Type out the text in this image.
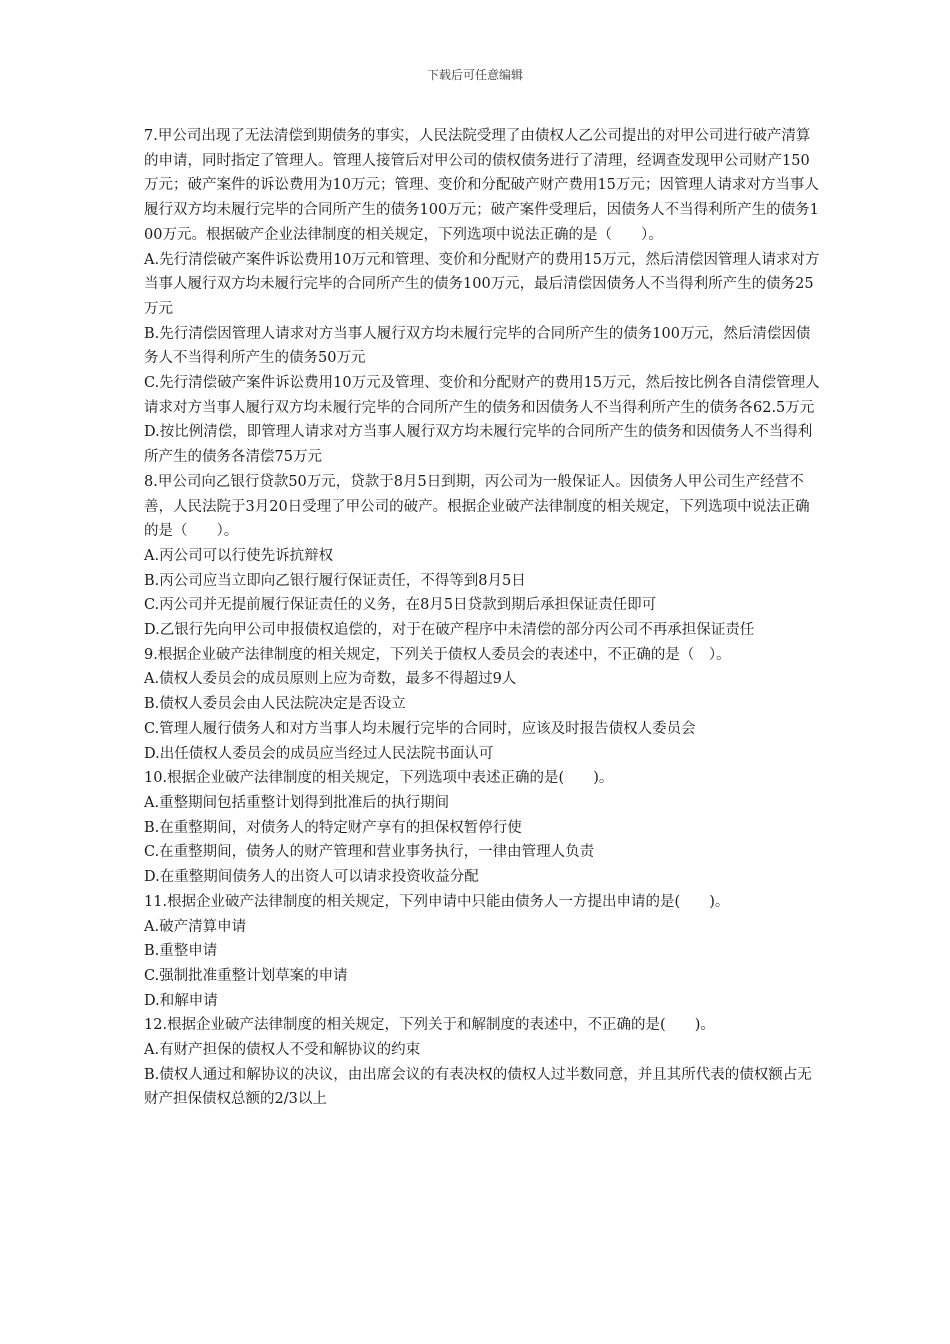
下载后可任意编辑

7.甲公司出现了无法清偿到期债务的事实，人民法院受理了由债权人乙公司提出的对甲公司进行破产清算的申请，同时指定了管理人。管理人接管后对甲公司的债权债务进行了清理，经调查发现甲公司财产150万元；破产案件的诉讼费用为10万元；管理、变价和分配破产财产费用15万元；因管理人请求对方当事人履行双方均未履行完毕的合同所产生的债务100万元；破产案件受理后，因债务人不当得利所产生的债务100万元。根据破产企业法律制度的相关规定，下列选项中说法正确的是（　　）。

A.先行清偿破产案件诉讼费用10万元和管理、变价和分配财产的费用15万元，然后清偿因管理人请求对方当事人履行双方均未履行完毕的合同所产生的债务100万元，最后清偿因债务人不当得利所产生的债务25万元

B.先行清偿因管理人请求对方当事人履行双方均未履行完毕的合同所产生的债务100万元，然后清偿因债务人不当得利所产生的债务50万元

C.先行清偿破产案件诉讼费用10万元及管理、变价和分配财产的费用15万元，然后按比例各自清偿管理人请求对方当事人履行双方均未履行完毕的合同所产生的债务和因债务人不当得利所产生的债务各62.5万元

D.按比例清偿，即管理人请求对方当事人履行双方均未履行完毕的合同所产生的债务和因债务人不当得利所产生的债务各清偿75万元

8.甲公司向乙银行贷款50万元，贷款于8月5日到期，丙公司为一般保证人。因债务人甲公司生产经营不善，人民法院于3月20日受理了甲公司的破产。根据企业破产法律制度的相关规定，下列选项中说法正确的是（　　）。

A.丙公司可以行使先诉抗辩权

B.丙公司应当立即向乙银行履行保证责任，不得等到8月5日

C.丙公司并无提前履行保证责任的义务，在8月5日贷款到期后承担保证责任即可

D.乙银行先向甲公司申报债权追偿的，对于在破产程序中未清偿的部分丙公司不再承担保证责任

9.根据企业破产法律制度的相关规定，下列关于债权人委员会的表述中，不正确的是（　）。

A.债权人委员会的成员原则上应为奇数，最多不得超过9人

B.债权人委员会由人民法院决定是否设立

C.管理人履行债务人和对方当事人均未履行完毕的合同时，应该及时报告债权人委员会

D.出任债权人委员会的成员应当经过人民法院书面认可

10.根据企业破产法律制度的相关规定，下列选项中表述正确的是(　　)。

A.重整期间包括重整计划得到批准后的执行期间

B.在重整期间，对债务人的特定财产享有的担保权暂停行使

C.在重整期间，债务人的财产管理和营业事务执行，一律由管理人负责

D.在重整期间债务人的出资人可以请求投资收益分配

11.根据企业破产法律制度的相关规定，下列申请中只能由债务人一方提出申请的是(　　)。

A.破产清算申请

B.重整申请

C.强制批准重整计划草案的申请

D.和解申请

12.根据企业破产法律制度的相关规定，下列关于和解制度的表述中，不正确的是(　　)。

A.有财产担保的债权人不受和解协议的约束

B.债权人通过和解协议的决议，由出席会议的有表决权的债权人过半数同意，并且其所代表的债权额占无财产担保债权总额的2/3以上
